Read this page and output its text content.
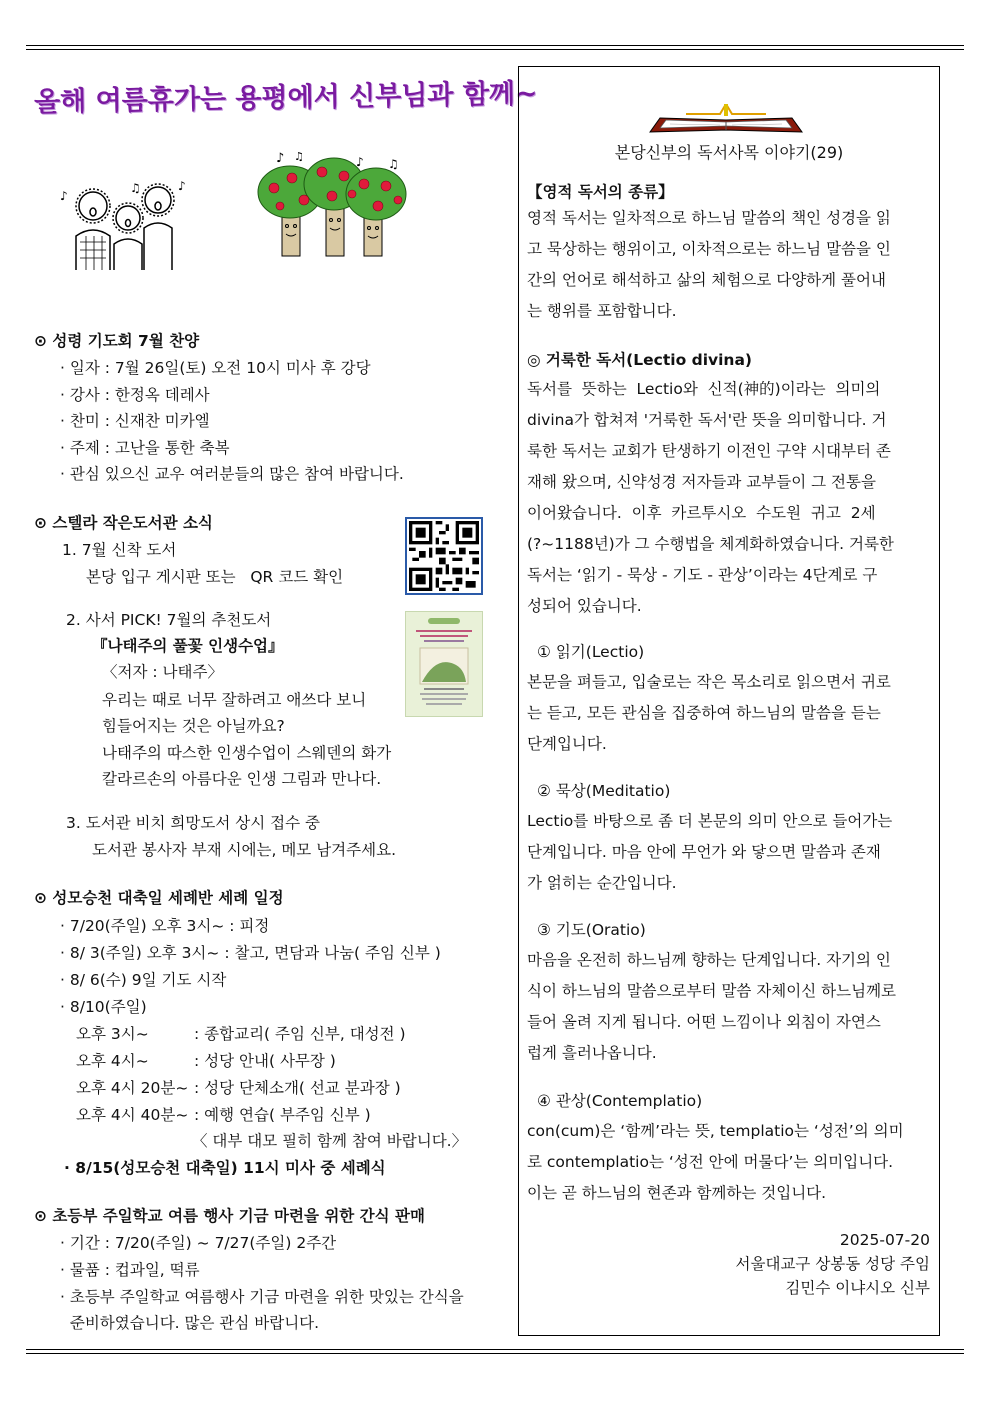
올해 여름휴가는 용평에서 신부님과 함께~
♪
♫	♪
♪ ♫	♪ ♫
⊙ 성령 기도회 7월 찬양
· 일자 : 7월 26일(토) 오전 10시 미사 후 강당
· 강사 : 한정옥 데레사
· 찬미 : 신재찬 미카엘
· 주제 : 고난을 통한 축복
· 관심 있으신 교우 여러분들의 많은 참여 바랍니다.
⊙ 스텔라 작은도서관 소식
1. 7월 신착 도서
본당 입구 게시판 또는   QR 코드 확인
2. 사서 PICK! 7월의 추천도서
『나태주의 풀꽃 인생수업』
〈저자 : 나태주〉
우리는 때로 너무 잘하려고 애쓰다 보니
힘들어지는 것은 아닐까요?
나태주의 따스한 인생수업이 스웨덴의 화가
칼라르손의 아름다운 인생 그림과 만나다.
3. 도서관 비치 희망도서 상시 접수 중
도서관 봉사자 부재 시에는, 메모 남겨주세요.
⊙ 성모승천 대축일 세례반 세례 일정
· 7/20(주일) 오후 3시~ : 피정
· 8/ 3(주일) 오후 3시~ : 찰고, 면담과 나눔( 주임 신부 )
· 8/ 6(수) 9일 기도 시작
· 8/10(주일)
오후 3시~	: 종합교리( 주임 신부, 대성전 )
오후 4시~	: 성당 안내( 사무장 )
오후 4시 20분~ : 성당 단체소개( 선교 분과장 )
오후 4시 40분~ : 예행 연습( 부주임 신부 )
〈 대부 대모 필히 함께 참여 바랍니다.〉
· 8/15(성모승천 대축일) 11시 미사 중 세례식
⊙ 초등부 주일학교 여름 행사 기금 마련을 위한 간식 판매
· 기간 : 7/20(주일) ~ 7/27(주일) 2주간
· 물품 : 컵과일, 떡류
· 초등부 주일학교 여름행사 기금 마련을 위한 맛있는 간식을
준비하였습니다. 많은 관심 바랍니다.
본당신부의 독서사목 이야기(29)
【영적 독서의 종류】
영적 독서는 일차적으로 하느님 말씀의 책인 성경을 읽
고 묵상하는 행위이고, 이차적으로는 하느님 말씀을 인
간의 언어로 해석하고 삶의 체험으로 다양하게 풀어내
는 행위를 포함합니다.
◎ 거룩한 독서(Lectio divina)
독서를  뜻하는  Lectio와  신적(神的)이라는  의미의
divina가 합쳐져 '거룩한 독서'란 뜻을 의미합니다. 거
룩한 독서는 교회가 탄생하기 이전인 구약 시대부터 존
재해 왔으며, 신약성경 저자들과 교부들이 그 전통을
이어왔습니다.  이후  카르투시오  수도원  귀고  2세
(?~1188년)가 그 수행법을 체계화하였습니다. 거룩한
독서는 ‘읽기 - 묵상 - 기도 - 관상’이라는 4단계로 구
성되어 있습니다.
① 읽기(Lectio)
본문을 펴들고, 입술로는 작은 목소리로 읽으면서 귀로
는 듣고, 모든 관심을 집중하여 하느님의 말씀을 듣는
단계입니다.
② 묵상(Meditatio)
Lectio를 바탕으로 좀 더 본문의 의미 안으로 들어가는
단계입니다. 마음 안에 무언가 와 닿으면 말씀과 존재
가 얽히는 순간입니다.
③ 기도(Oratio)
마음을 온전히 하느님께 향하는 단계입니다. 자기의 인
식이 하느님의 말씀으로부터 말씀 자체이신 하느님께로
들어 올려 지게 됩니다. 어떤 느낌이나 외침이 자연스
럽게 흘러나옵니다.
④ 관상(Contemplatio)
con(cum)은 ‘함께’라는 뜻, templatio는 ‘성전’의 의미
로 contemplatio는 ‘성전 안에 머물다’는 의미입니다.
이는 곧 하느님의 현존과 함께하는 것입니다.
2025-07-20
서울대교구 상봉동 성당 주임
김민수 이냐시오 신부
